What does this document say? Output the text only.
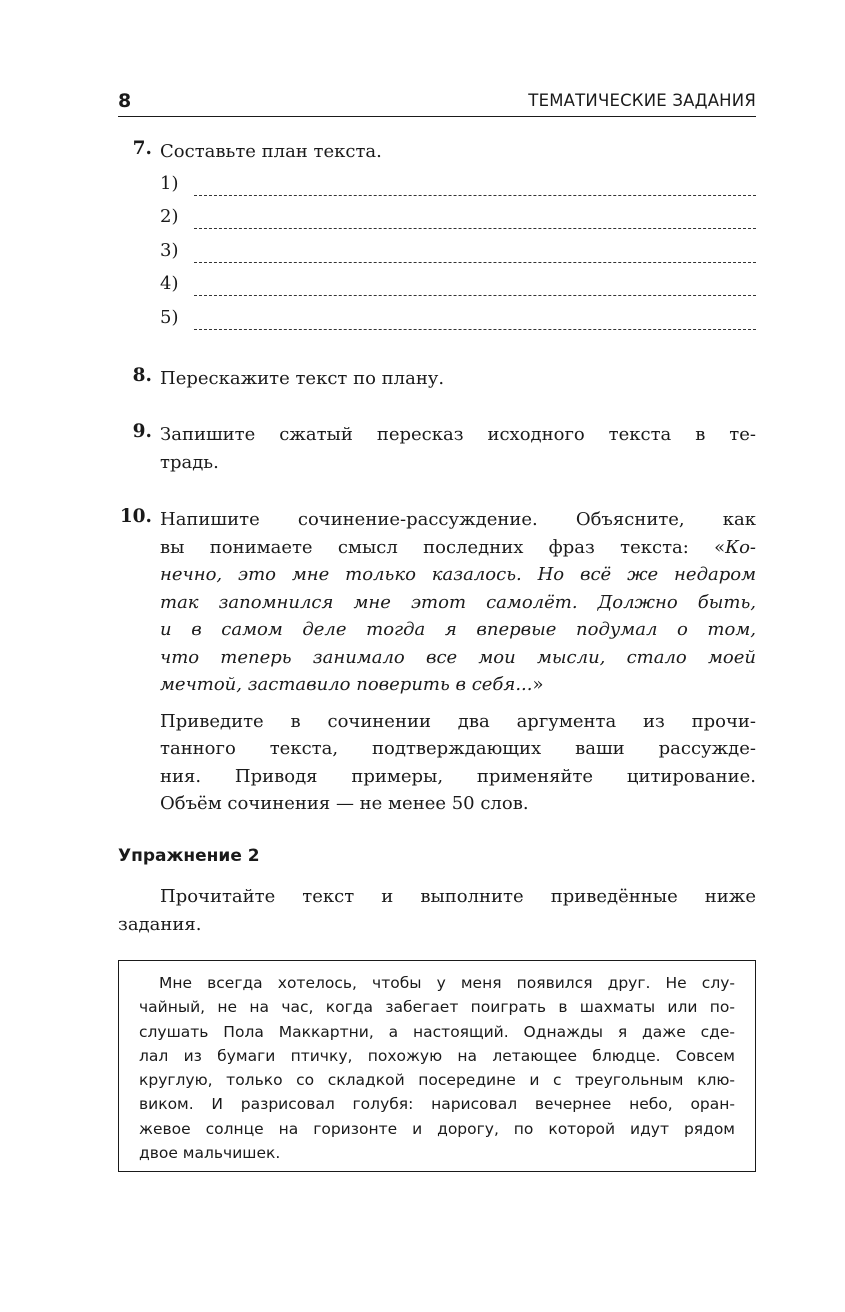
8	ТЕМАТИЧЕСКИЕ ЗАДАНИЯ
7. Составьте план текста.
1)
2)
3)
4)
5)
8. Перескажите текст по плану.
9. Запишите сжатый пересказ исходного текста в те-
традь.
10. Напишите сочинение-рассуждение. Объясните, как
вы понимаете смысл последних фраз текста: «Ко-
нечно, это мне только казалось. Но всё же недаром
так запомнился мне этот самолёт. Должно быть,
и в самом деле тогда я впервые подумал о том,
что теперь занимало все мои мысли, стало моей
мечтой, заставило поверить в себя...»
Приведите в сочинении два аргумента из прочи-
танного текста, подтверждающих ваши рассужде-
ния. Приводя примеры, применяйте цитирование.
Объём сочинения — не менее 50 слов.
Упражнение 2
Прочитайте текст и выполните приведённые ниже
задания.
Мне всегда хотелось, чтобы у меня появился друг. Не слу-
чайный, не на час, когда забегает поиграть в шахматы или по-
слушать Пола Маккартни, а настоящий. Однажды я даже сде-
лал из бумаги птичку, похожую на летающее блюдце. Совсем
круглую, только со складкой посередине и с треугольным клю-
виком. И разрисовал голубя: нарисовал вечернее небо, оран-
жевое солнце на горизонте и дорогу, по которой идут рядом
двое мальчишек.
